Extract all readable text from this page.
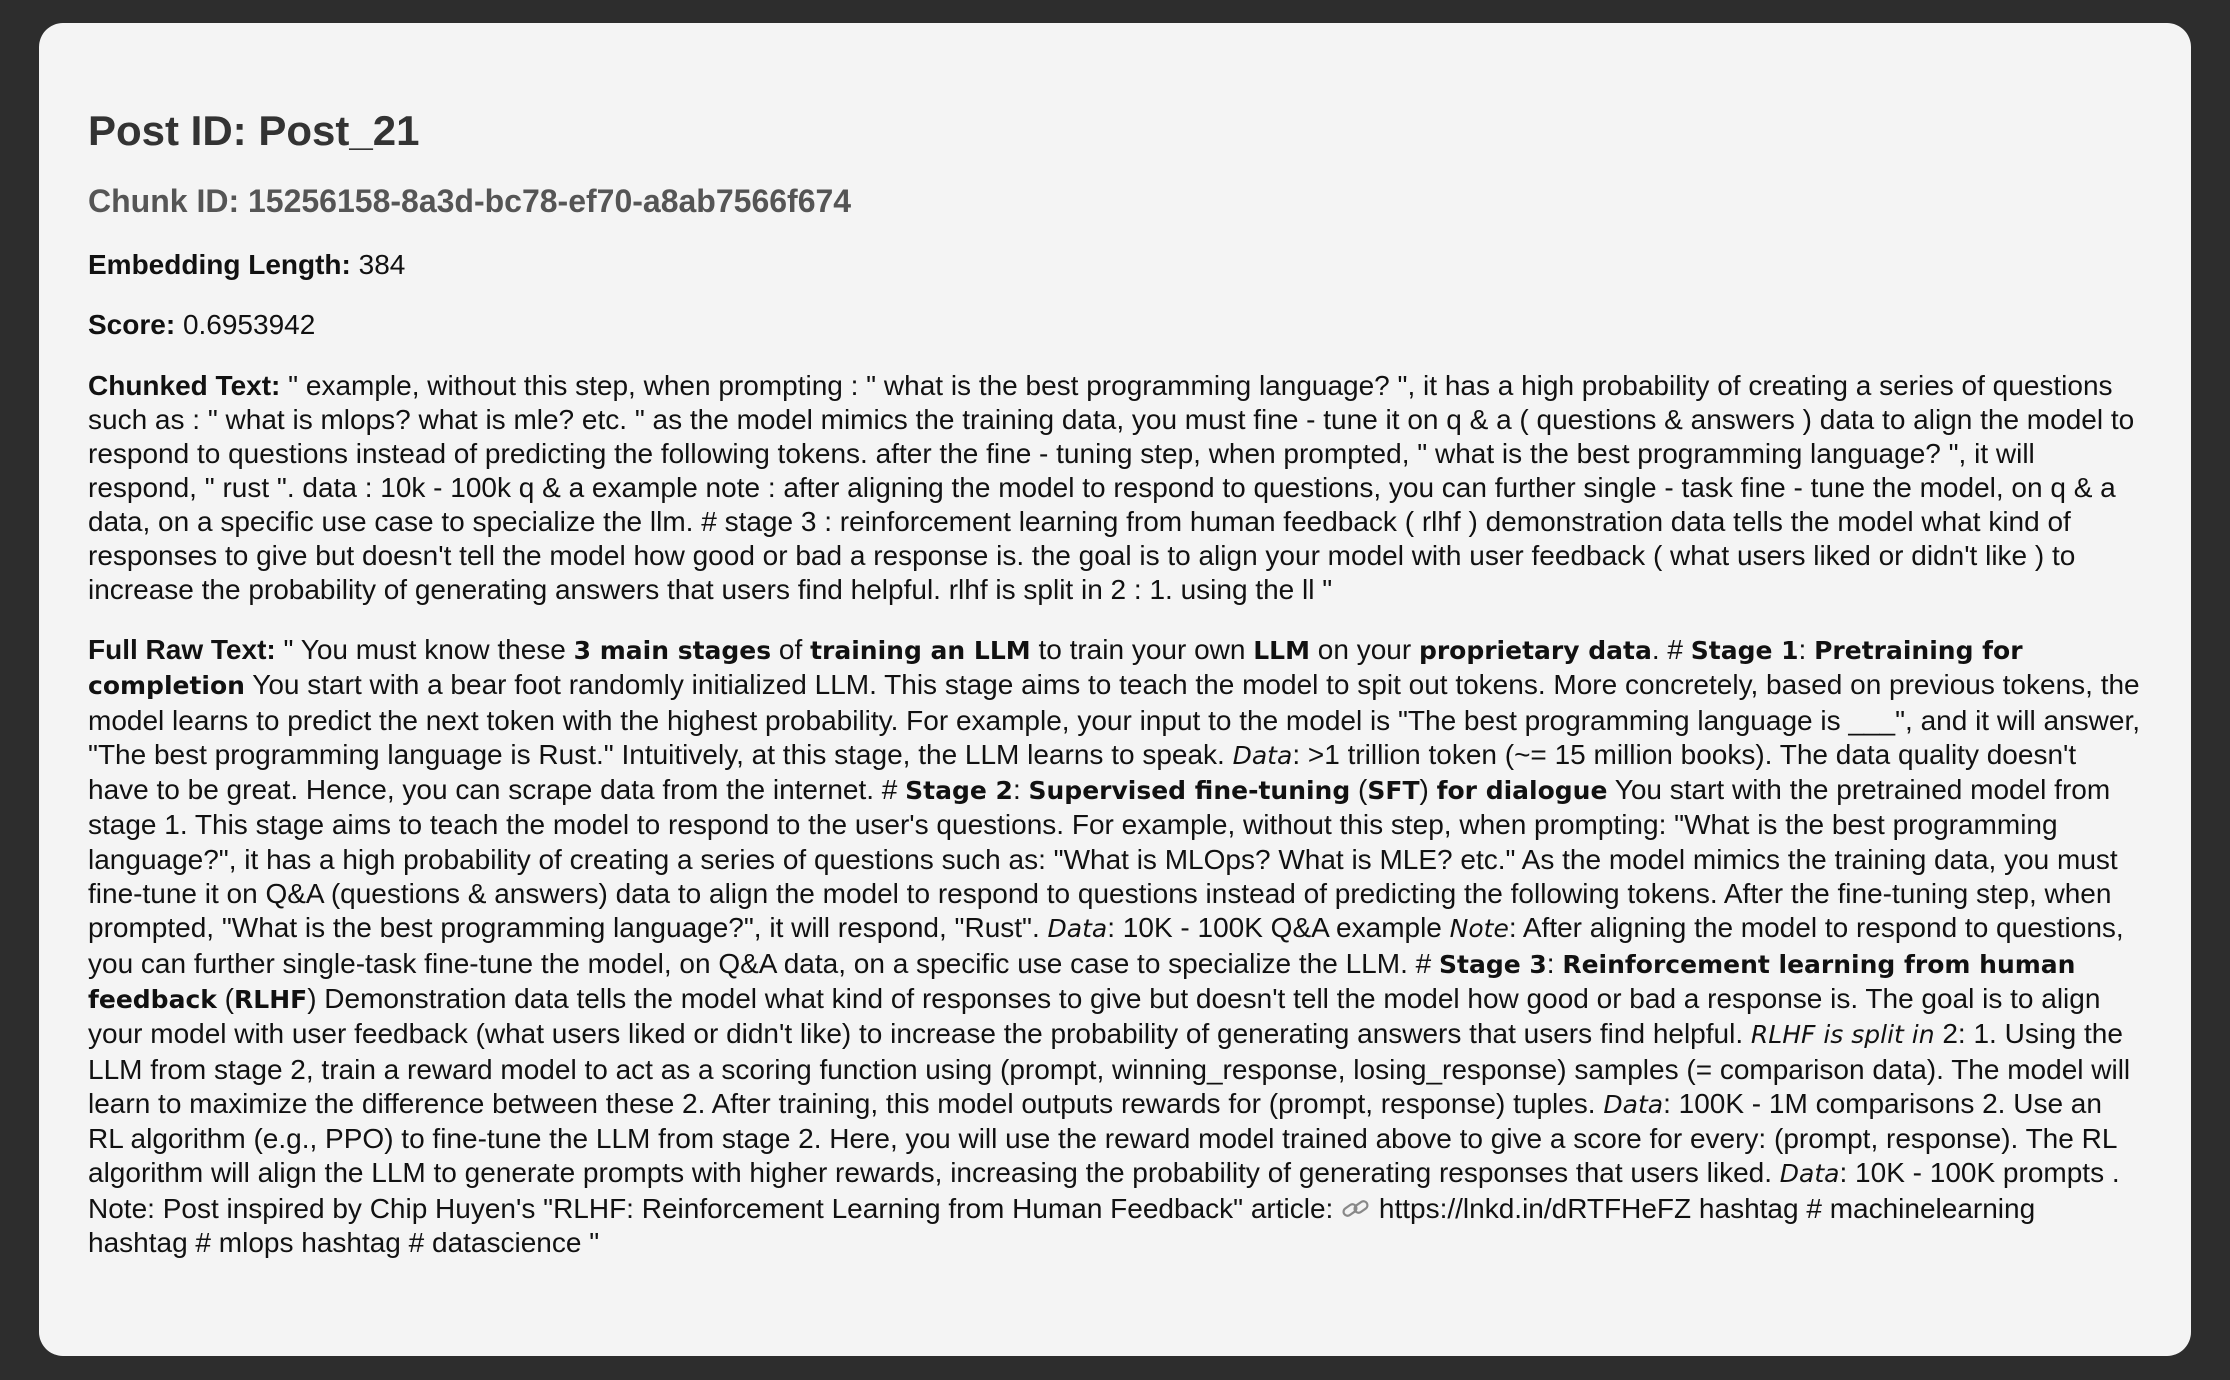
Post ID: Post_21
Chunk ID: 15256158-8a3d-bc78-ef70-a8ab7566f674

Embedding Length: 384

Score: 0.6953942

Chunked Text: " example, without this step, when prompting : " what is the best programming language? ", it has a high probability of creating a series of questions such as : " what is mlops? what is mle? etc. " as the model mimics the training data, you must fine - tune it on q & a ( questions & answers ) data to align the model to respond to questions instead of predicting the following tokens. after the fine - tuning step, when prompted, " what is the best programming language? ", it will respond, " rust ". data : 10k - 100k q & a example note : after aligning the model to respond to questions, you can further single - task fine - tune the model, on q & a data, on a specific use case to specialize the llm. # stage 3 : reinforcement learning from human feedback ( rlhf ) demonstration data tells the model what kind of responses to give but doesn't tell the model how good or bad a response is. the goal is to align your model with user feedback ( what users liked or didn't like ) to increase the probability of generating answers that users find helpful. rlhf is split in 2 : 1. using the ll "

Full Raw Text: " You must know these 3 main stages of training an LLM to train your own LLM on your proprietary data. # Stage 1: Pretraining for completion You start with a bear foot randomly initialized LLM. This stage aims to teach the model to spit out tokens. More concretely, based on previous tokens, the model learns to predict the next token with the highest probability. For example, your input to the model is "The best programming language is ___", and it will answer, "The best programming language is Rust." Intuitively, at this stage, the LLM learns to speak. Data: >1 trillion token (~= 15 million books). The data quality doesn't have to be great. Hence, you can scrape data from the internet. # Stage 2: Supervised fine-tuning (SFT) for dialogue You start with the pretrained model from stage 1. This stage aims to teach the model to respond to the user's questions. For example, without this step, when prompting: "What is the best programming language?", it has a high probability of creating a series of questions such as: "What is MLOps? What is MLE? etc." As the model mimics the training data, you must fine-tune it on Q&A (questions & answers) data to align the model to respond to questions instead of predicting the following tokens. After the fine-tuning step, when prompted, "What is the best programming language?", it will respond, "Rust". Data: 10K - 100K Q&A example Note: After aligning the model to respond to questions, you can further single-task fine-tune the model, on Q&A data, on a specific use case to specialize the LLM. # Stage 3: Reinforcement learning from human feedback (RLHF) Demonstration data tells the model what kind of responses to give but doesn't tell the model how good or bad a response is. The goal is to align your model with user feedback (what users liked or didn't like) to increase the probability of generating answers that users find helpful. RLHF is split in 2: 1. Using the LLM from stage 2, train a reward model to act as a scoring function using (prompt, winning_response, losing_response) samples (= comparison data). The model will learn to maximize the difference between these 2. After training, this model outputs rewards for (prompt, response) tuples. Data: 100K - 1M comparisons 2. Use an RL algorithm (e.g., PPO) to fine-tune the LLM from stage 2. Here, you will use the reward model trained above to give a score for every: (prompt, response). The RL algorithm will align the LLM to generate prompts with higher rewards, increasing the probability of generating responses that users liked. Data: 10K - 100K prompts . Note: Post inspired by Chip Huyen's "RLHF: Reinforcement Learning from Human Feedback" article:  https://lnkd.in/dRTFHeFZ hashtag # machinelearning hashtag # mlops hashtag # datascience "
